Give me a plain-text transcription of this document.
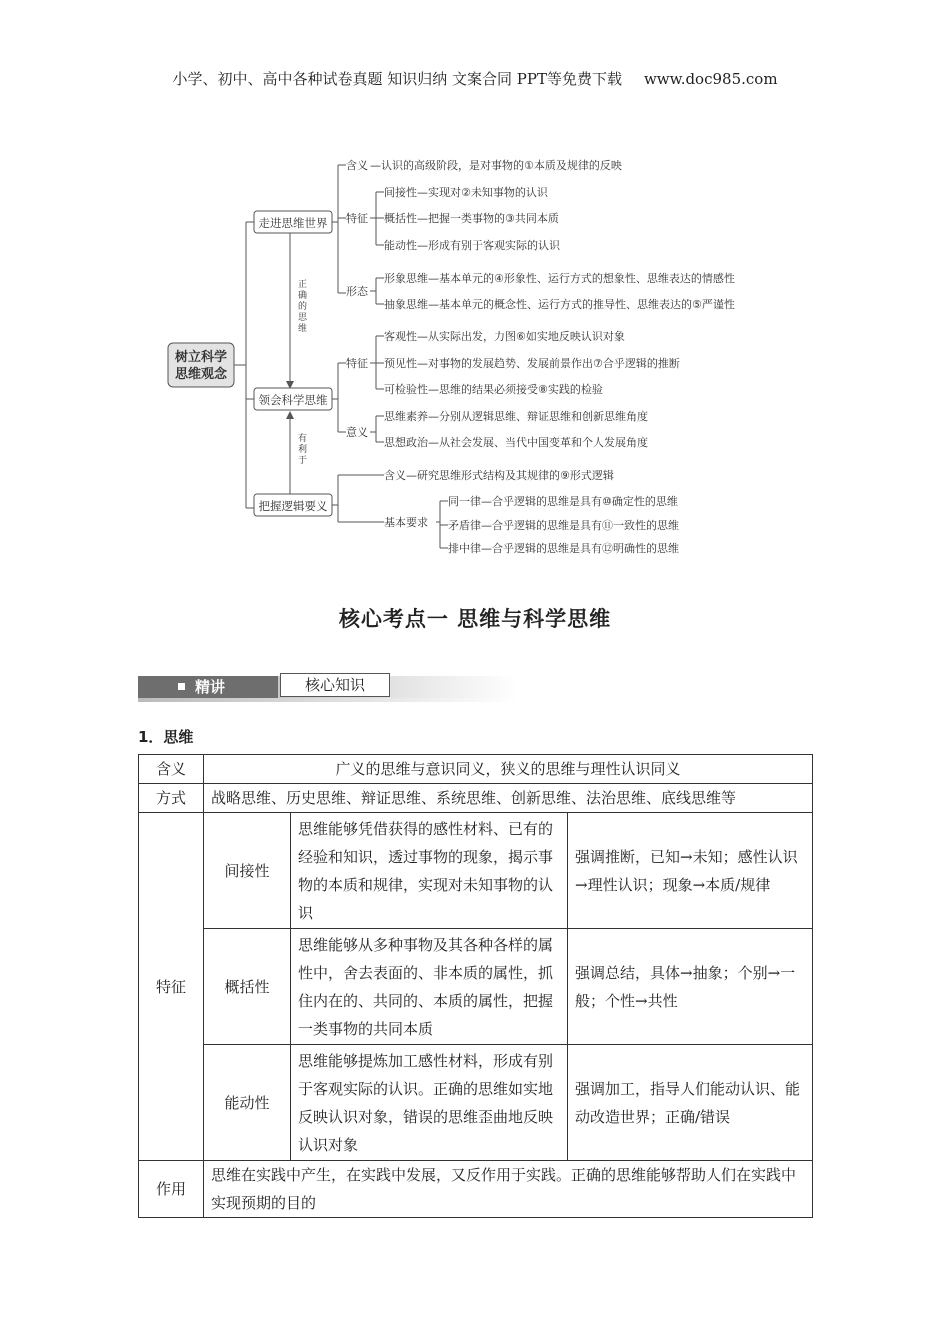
小学、初中、高中各种试卷真题 知识归纳 文案合同 PPT等免费下载 www.doc985.com
树立科学
思维观念
走进思维世界
领会科学思维
把握逻辑要义
正
确
的
思
维
有
利
于
含义 —认识的高级阶段，是对事物的①本质及规律的反映
特征
间接性—实现对②未知事物的认识
概括性—把握一类事物的③共同本质
能动性—形成有别于客观实际的认识
形态
形象思维—基本单元的④形象性、运行方式的想象性、思维表达的情感性
抽象思维—基本单元的概念性、运行方式的推导性、思维表达的⑤严谨性
特征
客观性—从实际出发，力图⑥如实地反映认识对象
预见性—对事物的发展趋势、发展前景作出⑦合乎逻辑的推断
可检验性—思维的结果必须接受⑧实践的检验
意义
思维素养—分别从逻辑思维、辩证思维和创新思维角度
思想政治—从社会发展、当代中国变革和个人发展角度
含义—研究思维形式结构及其规律的⑨形式逻辑
基本要求
同一律—合乎逻辑的思维是具有⑩确定性的思维
矛盾律—合乎逻辑的思维是具有⑪一致性的思维
排中律—合乎逻辑的思维是具有⑫明确性的思维
核心考点一 思维与科学思维
精讲	核心知识
1．思维
含义	广义的思维与意识同义，狭义的思维与理性认识同义		
方式	战略思维、历史思维、辩证思维、系统思维、创新思维、法治思维、底线思维等		
特征	间接性	思维能够凭借获得的感性材料、已有的经验和知识，透过事物的现象，揭示事物的本质和规律，实现对未知事物的认识	强调推断，已知→未知；感性认识→理性认识；现象→本质/规律
	概括性	思维能够从多种事物及其各种各样的属性中，舍去表面的、非本质的属性，抓住内在的、共同的、本质的属性，把握一类事物的共同本质	强调总结，具体→抽象；个别→一般；个性→共性
	能动性	思维能够提炼加工感性材料，形成有别于客观实际的认识。正确的思维如实地反映认识对象，错误的思维歪曲地反映认识对象	强调加工，指导人们能动认识、能动改造世界；正确/错误
作用	思维在实践中产生，在实践中发展，又反作用于实践。正确的思维能够帮助人们在实践中实现预期的目的		
